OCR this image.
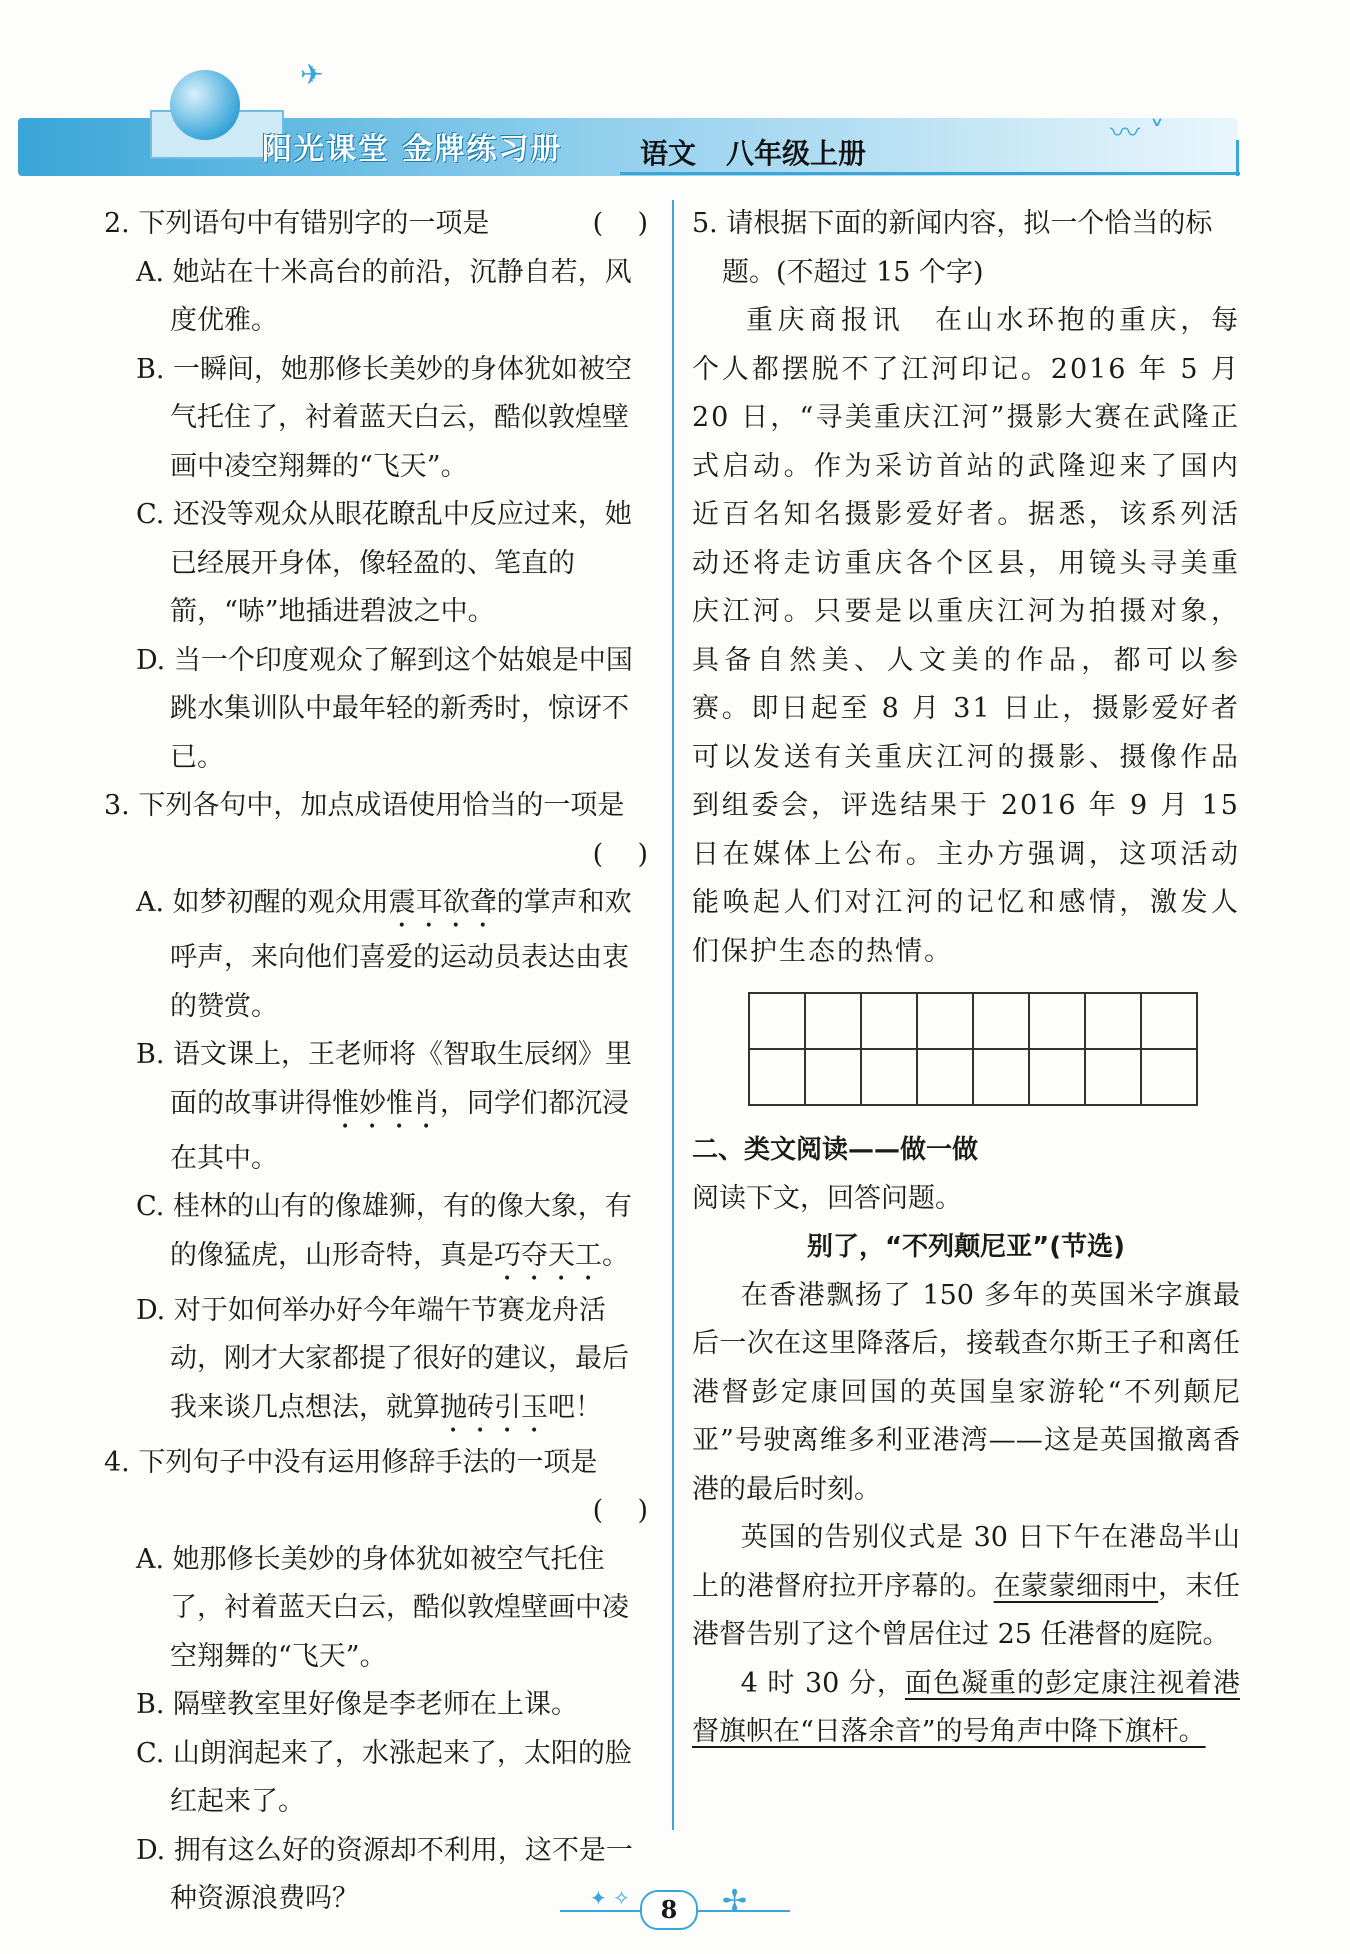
✈
阳光课堂 金牌练习册	语文 八年级上册
〰 ˅
2. 下列语句中有错别字的一项是	(    )
A. 她站在十米高台的前沿，沉静自若，风度优雅。
B. 一瞬间，她那修长美妙的身体犹如被空气托住了，衬着蓝天白云，酷似敦煌壁画中凌空翔舞的“飞天”。
C. 还没等观众从眼花瞭乱中反应过来，她已经展开身体，像轻盈的、笔直的箭，“哧”地插进碧波之中。
D. 当一个印度观众了解到这个姑娘是中国跳水集训队中最年轻的新秀时，惊讶不已。
3. 下列各句中，加点成语使用恰当的一项是
(    )
A. 如梦初醒的观众用震耳欲聋的掌声和欢呼声，来向他们喜爱的运动员表达由衷的赞赏。
B. 语文课上，王老师将《智取生辰纲》里面的故事讲得惟妙惟肖，同学们都沉浸在其中。
C. 桂林的山有的像雄狮，有的像大象，有的像猛虎，山形奇特，真是巧夺天工。
D. 对于如何举办好今年端午节赛龙舟活动，刚才大家都提了很好的建议，最后我来谈几点想法，就算抛砖引玉吧！
4. 下列句子中没有运用修辞手法的一项是
(    )
A. 她那修长美妙的身体犹如被空气托住了，衬着蓝天白云，酷似敦煌壁画中凌空翔舞的“飞天”。
B. 隔壁教室里好像是李老师在上课。
C. 山朗润起来了，水涨起来了，太阳的脸红起来了。
D. 拥有这么好的资源却不利用，这不是一种资源浪费吗？
5. 请根据下面的新闻内容，拟一个恰当的标题。(不超过 15 个字)
重庆商报讯　 在山水环抱的重庆，每个人都摆脱不了江河印记。2016 年 5 月 20 日，“寻美重庆江河”摄影大赛在武隆正式启动。作为采访首站的武隆迎来了国内近百名知名摄影爱好者。据悉，该系列活动还将走访重庆各个区县，用镜头寻美重庆江河。只要是以重庆江河为拍摄对象，具备自然美、人文美的作品，都可以参赛。即日起至 8 月 31 日止，摄影爱好者可以发送有关重庆江河的摄影、摄像作品到组委会，评选结果于 2016 年 9 月 15 日在媒体上公布。主办方强调，这项活动能唤起人们对江河的记忆和感情，激发人们保护生态的热情。

二、类文阅读——做一做
阅读下文，回答问题。
别了，“不列颠尼亚”(节选)
在香港飘扬了 150 多年的英国米字旗最后一次在这里降落后，接载查尔斯王子和离任港督彭定康回国的英国皇家游轮“不列颠尼亚”号驶离维多利亚港湾——这是英国撤离香港的最后时刻。
英国的告别仪式是 30 日下午在港岛半山上的港督府拉开序幕的。在蒙蒙细雨中，末任港督告别了这个曾居住过 25 任港督的庭院。
4 时 30 分，面色凝重的彭定康注视着港督旗帜在“日落余音”的号角声中降下旗杆。
✦ ✧	8	✢
